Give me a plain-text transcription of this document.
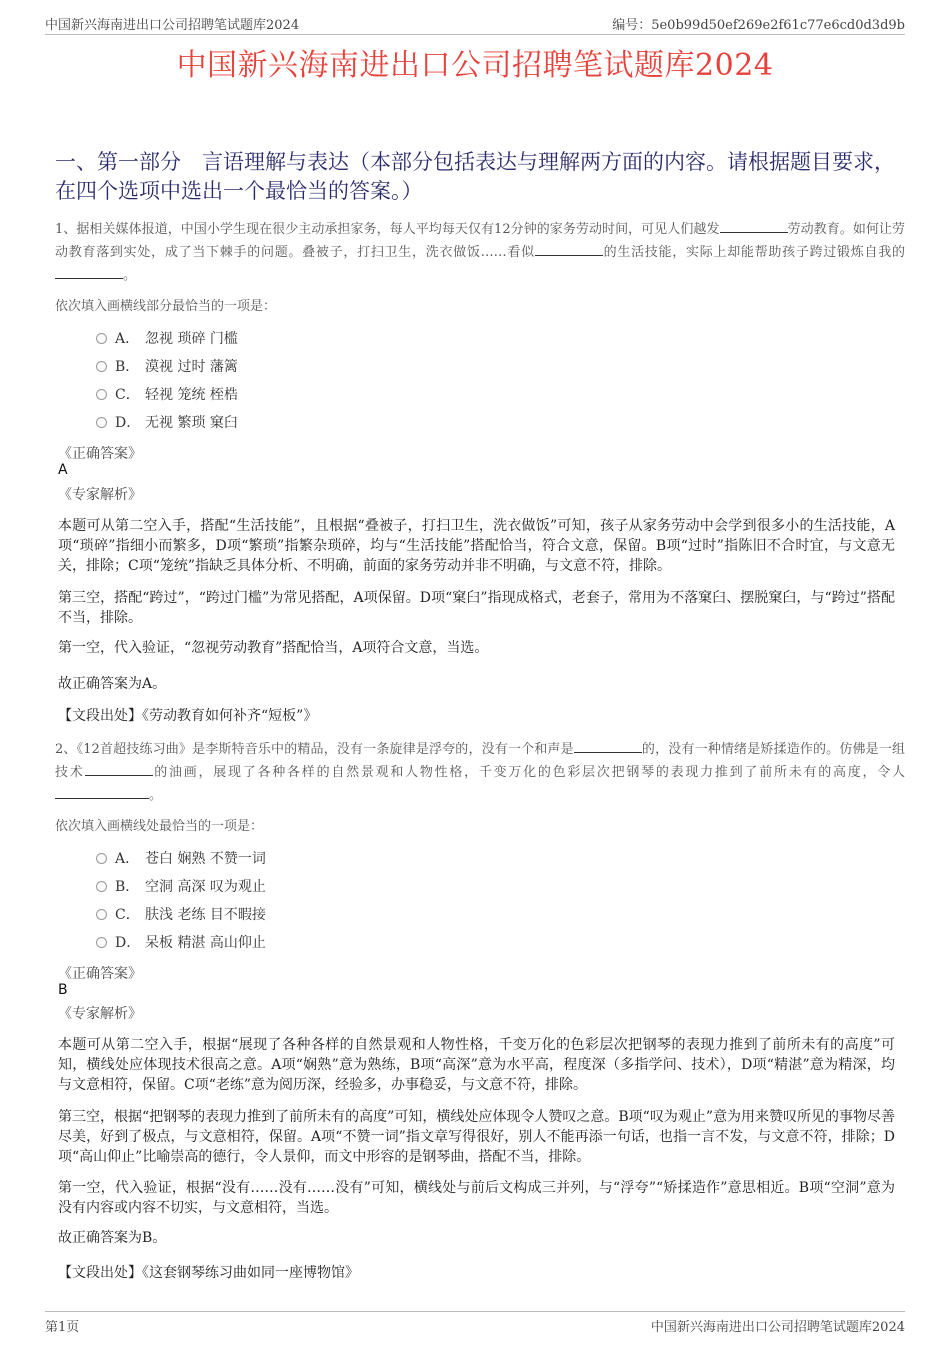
中国新兴海南进出口公司招聘笔试题库2024	编号：5e0b99d50ef269e2f61c77e6cd0d3d9b
中国新兴海南进出口公司招聘笔试题库2024
一、第一部分　言语理解与表达（本部分包括表达与理解两方面的内容。请根据题目要求，在四个选项中选出一个最恰当的答案。）
1、据相关媒体报道，中国小学生现在很少主动承担家务，每人平均每天仅有12分钟的家务劳动时间，可见人们越发	劳动教育。如何让劳动教育落到实处，成了当下棘手的问题。叠被子，打扫卫生，洗衣做饭……看似	的生活技能，实际上却能帮助孩子跨过锻炼自我的。
依次填入画横线部分最恰当的一项是：
A． 忽视 琐碎 门槛
B． 漠视 过时 藩篱
C． 轻视 笼统 桎梏
D． 无视 繁琐 窠臼
《正确答案》
A
《专家解析》
本题可从第二空入手，搭配“生活技能”，且根据“叠被子，打扫卫生，洗衣做饭”可知，孩子从家务劳动中会学到很多小的生活技能，A项“琐碎”指细小而繁多，D项“繁琐”指繁杂琐碎，均与“生活技能”搭配恰当，符合文意，保留。B项“过时”指陈旧不合时宜，与文意无关，排除；C项“笼统”指缺乏具体分析、不明确，前面的家务劳动并非不明确，与文意不符，排除。
第三空，搭配“跨过”，“跨过门槛”为常见搭配，A项保留。D项“窠臼”指现成格式，老套子，常用为不落窠臼、摆脱窠臼，与“跨过”搭配不当，排除。
第一空，代入验证，“忽视劳动教育”搭配恰当，A项符合文意，当选。
故正确答案为A。
【文段出处】《劳动教育如何补齐“短板”》
2、《12首超技练习曲》是李斯特音乐中的精品，没有一条旋律是浮夸的，没有一个和声是	的，没有一种情绪是矫揉造作的。仿佛是一组技术	的油画，展现了各种各样的自然景观和人物性格，千变万化的色彩层次把钢琴的表现力推到了前所未有的高度，令人。
依次填入画横线处最恰当的一项是：
A． 苍白 娴熟 不赞一词
B． 空洞 高深 叹为观止
C． 肤浅 老练 目不暇接
D． 呆板 精湛 高山仰止
《正确答案》
B
《专家解析》
本题可从第二空入手，根据“展现了各种各样的自然景观和人物性格，千变万化的色彩层次把钢琴的表现力推到了前所未有的高度”可知，横线处应体现技术很高之意。A项“娴熟”意为熟练，B项“高深”意为水平高，程度深（多指学问、技术），D项“精湛”意为精深，均与文意相符，保留。C项“老练”意为阅历深，经验多，办事稳妥，与文意不符，排除。
第三空，根据“把钢琴的表现力推到了前所未有的高度”可知，横线处应体现令人赞叹之意。B项“叹为观止”意为用来赞叹所见的事物尽善尽美，好到了极点，与文意相符，保留。A项“不赞一词”指文章写得很好，别人不能再添一句话，也指一言不发，与文意不符，排除；D项“高山仰止”比喻崇高的德行，令人景仰，而文中形容的是钢琴曲，搭配不当，排除。
第一空，代入验证，根据“没有……没有……没有”可知，横线处与前后文构成三并列，与“浮夸”“矫揉造作”意思相近。B项“空洞”意为没有内容或内容不切实，与文意相符，当选。
故正确答案为B。
【文段出处】《这套钢琴练习曲如同一座博物馆》
第1页	中国新兴海南进出口公司招聘笔试题库2024
